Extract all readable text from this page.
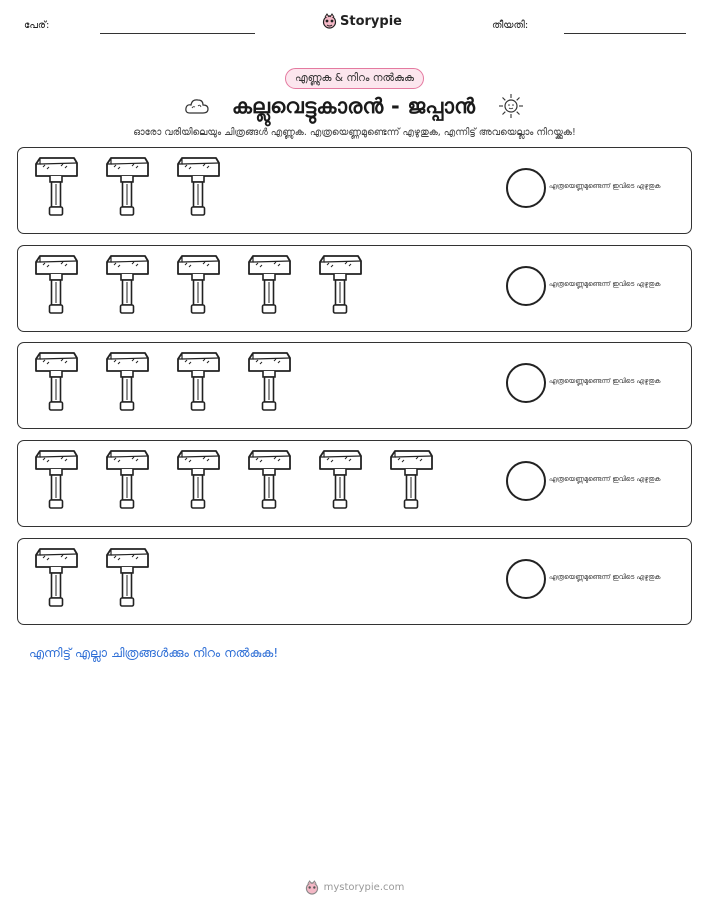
പേര്:	Storypie	തീയതി:
എണ്ണുക & നിറം നൽകുക
കല്ലുവെട്ടുകാരൻ - ജപ്പാൻ
ഓരോ വരിയിലെയും ചിത്രങ്ങൾ എണ്ണുക. എത്രയെണ്ണമുണ്ടെന്ന് എഴുതുക, എന്നിട്ട് അവയെല്ലാം നിറയ്ക്കുക!
എത്രയെണ്ണമുണ്ടെന്ന് ഇവിടെ എഴുതുക
എത്രയെണ്ണമുണ്ടെന്ന് ഇവിടെ എഴുതുക
എത്രയെണ്ണമുണ്ടെന്ന് ഇവിടെ എഴുതുക
എത്രയെണ്ണമുണ്ടെന്ന് ഇവിടെ എഴുതുക
എത്രയെണ്ണമുണ്ടെന്ന് ഇവിടെ എഴുതുക
എന്നിട്ട് എല്ലാ ചിത്രങ്ങൾക്കും നിറം നൽകുക!
mystorypie.com
